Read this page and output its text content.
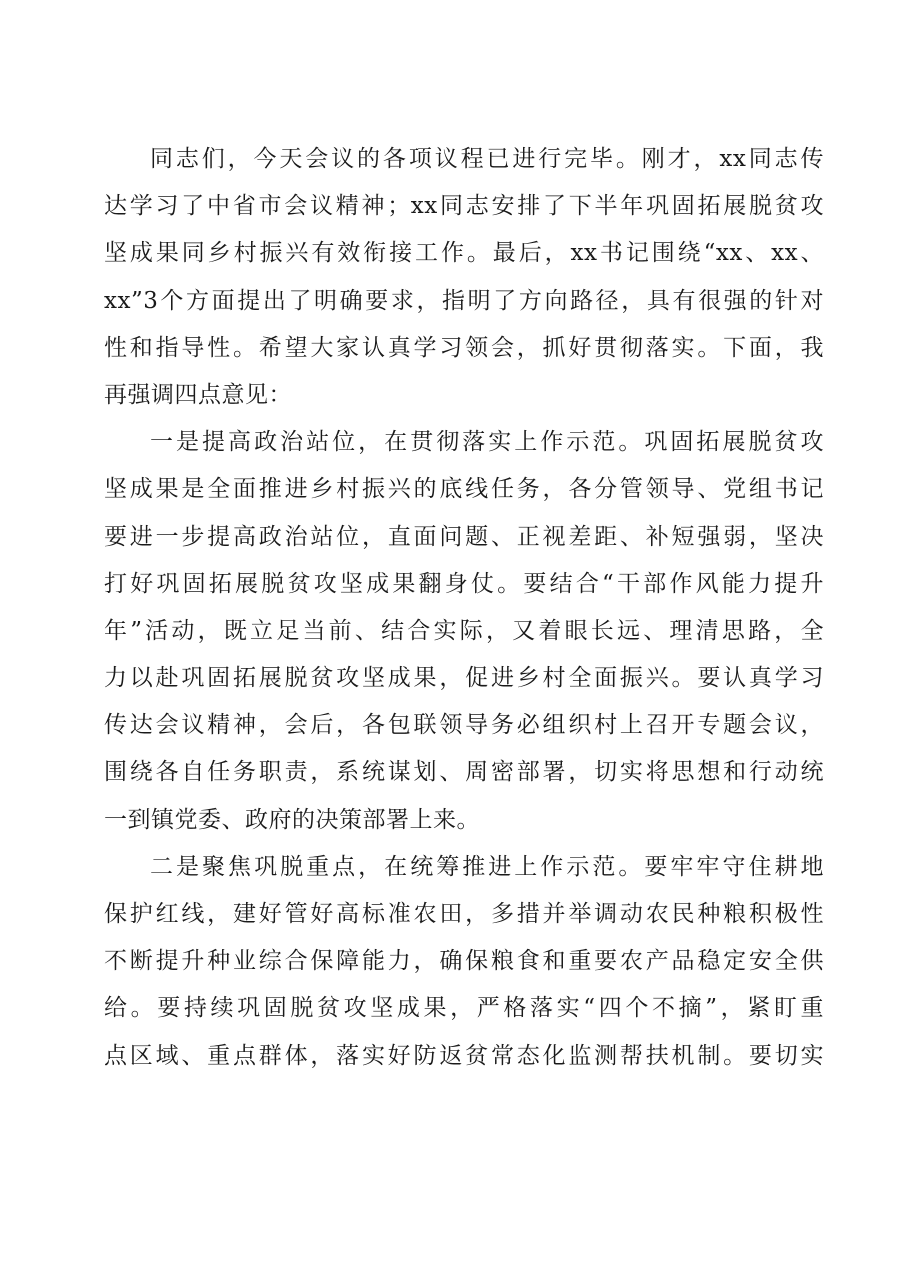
同志们，今天会议的各项议程已进行完毕。刚才，xx同志传
达学习了中省市会议精神；xx同志安排了下半年巩固拓展脱贫攻
坚成果同乡村振兴有效衔接工作。最后，xx书记围绕“xx、xx、
xx”3个方面提出了明确要求，指明了方向路径，具有很强的针对
性和指导性。希望大家认真学习领会，抓好贯彻落实。下面，我
再强调四点意见：
一是提高政治站位，在贯彻落实上作示范。巩固拓展脱贫攻
坚成果是全面推进乡村振兴的底线任务，各分管领导、党组书记
要进一步提高政治站位，直面问题、正视差距、补短强弱，坚决
打好巩固拓展脱贫攻坚成果翻身仗。要结合“干部作风能力提升
年”活动，既立足当前、结合实际，又着眼长远、理清思路，全
力以赴巩固拓展脱贫攻坚成果，促进乡村全面振兴。要认真学习
传达会议精神，会后，各包联领导务必组织村上召开专题会议，
围绕各自任务职责，系统谋划、周密部署，切实将思想和行动统
一到镇党委、政府的决策部署上来。
二是聚焦巩脱重点，在统筹推进上作示范。要牢牢守住耕地
保护红线，建好管好高标准农田，多措并举调动农民种粮积极性
不断提升种业综合保障能力，确保粮食和重要农产品稳定安全供
给。要持续巩固脱贫攻坚成果，严格落实“四个不摘”，紧盯重
点区域、重点群体，落实好防返贫常态化监测帮扶机制。要切实
